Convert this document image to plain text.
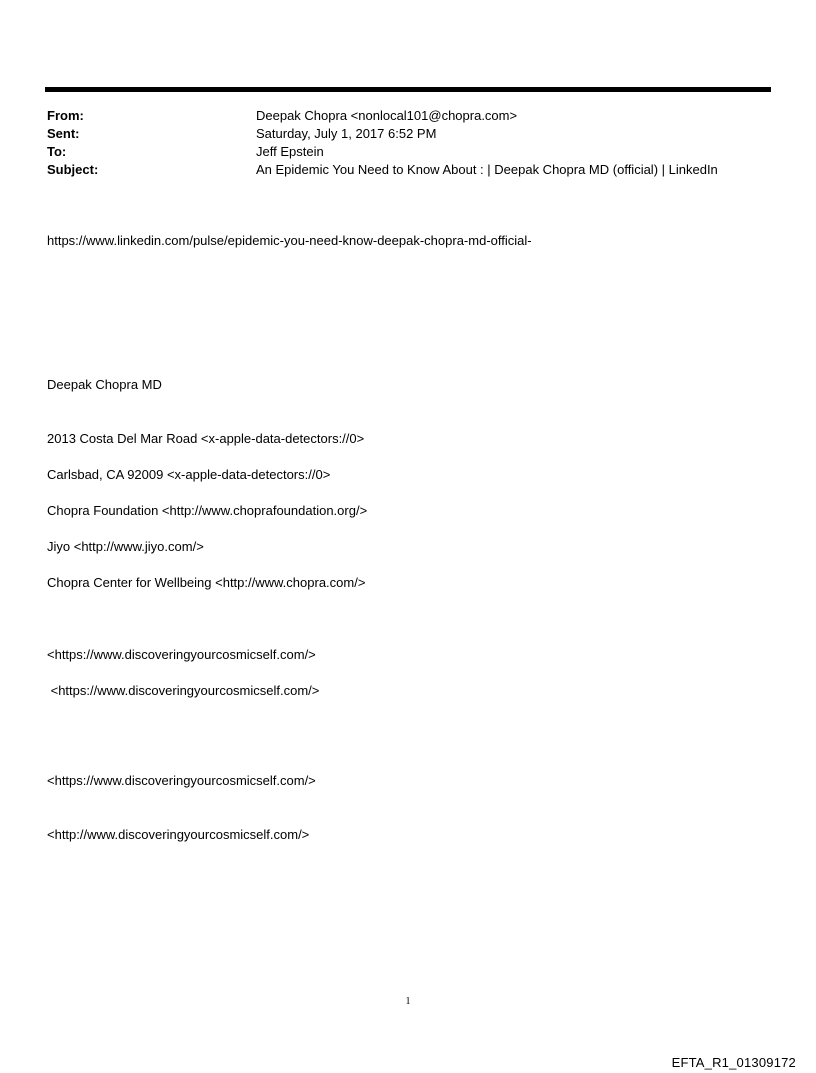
From:	Deepak Chopra <nonlocal101@chopra.com>
Sent:	Saturday, July 1, 2017 6:52 PM
To:	Jeff Epstein
Subject:	An Epidemic You Need to Know About : | Deepak Chopra MD (official) | LinkedIn
https://www.linkedin.com/pulse/epidemic-you-need-know-deepak-chopra-md-official-
Deepak Chopra MD
2013 Costa Del Mar Road <x-apple-data-detectors://0>
Carlsbad, CA 92009 <x-apple-data-detectors://0>
Chopra Foundation <http://www.choprafoundation.org/>
Jiyo <http://www.jiyo.com/>
Chopra Center for Wellbeing <http://www.chopra.com/>
<https://www.discoveringyourcosmicself.com/>
<https://www.discoveringyourcosmicself.com/>
<https://www.discoveringyourcosmicself.com/>
<http://www.discoveringyourcosmicself.com/>
1
EFTA_R1_01309172
